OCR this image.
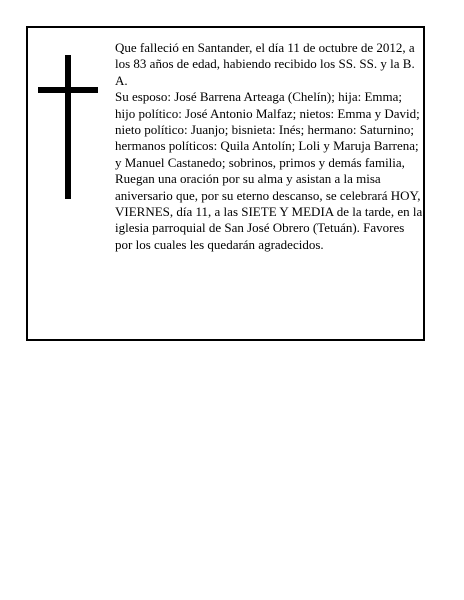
Que falleció en Santander, el día 11 de octubre de 2012, a los 83 años de edad, habiendo recibido los SS. SS. y la B. A.

Su esposo: José Barrena Arteaga (Chelín); hija: Emma; hijo político: José Antonio Malfaz; nietos: Emma y David; nieto político: Juanjo; bisnieta: Inés; hermano: Saturnino; hermanos políticos: Quila Antolín; Loli y Maruja Barrena; y Manuel Castanedo; sobrinos, primos y demás familia,

Ruegan una oración por su alma y asistan a la misa aniversario que, por su eterno descanso, se celebrará HOY, VIERNES, día 11, a las SIETE Y MEDIA de la tarde, en la iglesia parroquial de San José Obrero (Tetuán). Favores por los cuales les quedarán agradecidos.
